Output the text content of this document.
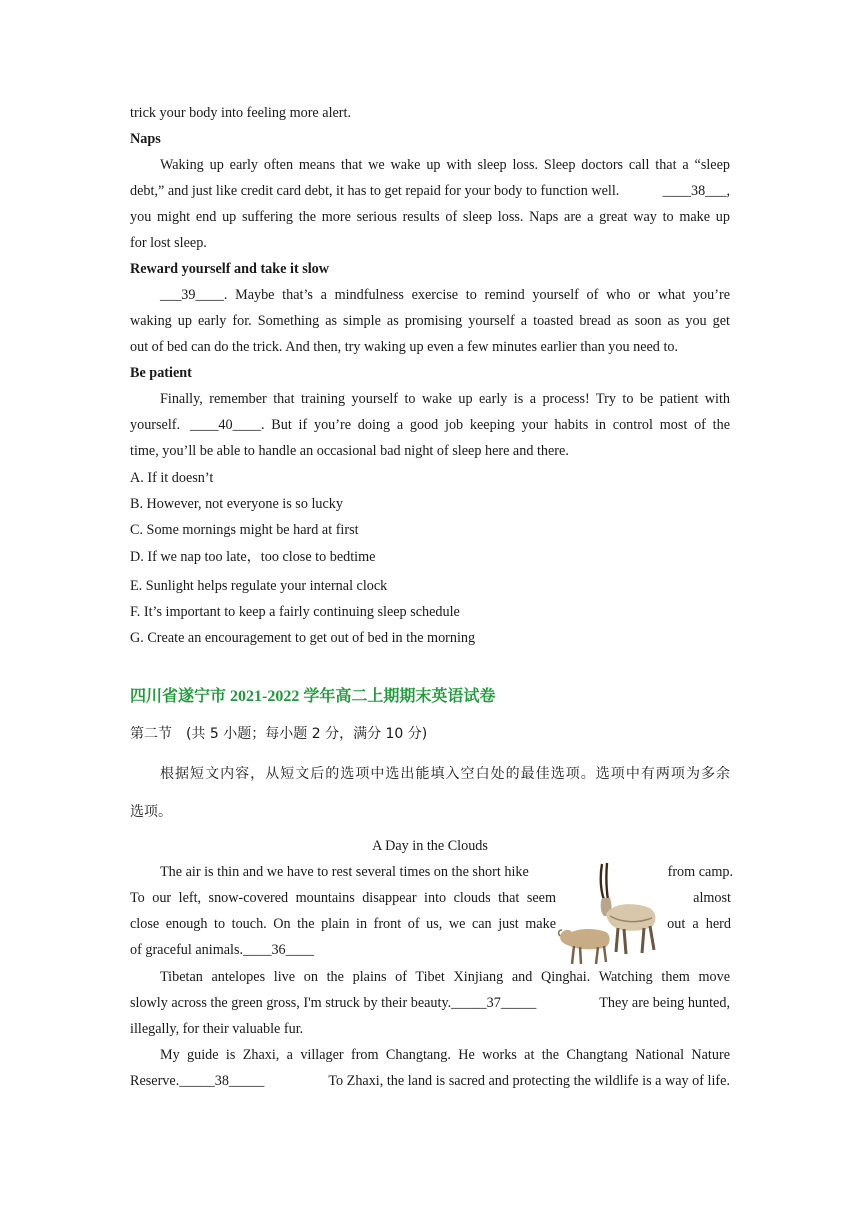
trick your body into feeling more alert.
Naps
Waking up early often means that we wake up with sleep loss. Sleep doctors call that a “sleep
debt,” and just like credit card debt, it has to get repaid for your body to function well.	____38___,
you might end up suffering the more serious results of sleep loss. Naps are a great way to make up
for lost sleep.
Reward yourself and take it slow
___39____ . Maybe that’s a mindfulness exercise to remind yourself of who or what you’re
waking up early for. Something as simple as promising yourself a toasted bread as soon as you get
out of bed can do the trick. And then, try waking up even a few minutes earlier than you need to.
Be patient
Finally, remember that training yourself to wake up early is a process! Try to be patient with
yourself. ____40____ . But if you’re doing a good job keeping your habits in control most of the
time, you’ll be able to handle an occasional bad night of sleep here and there.
A. If it doesn’t
B. However, not everyone is so lucky
C. Some mornings might be hard at first
D. If we nap too late，too close to bedtime
E. Sunlight helps regulate your internal clock
F. It’s important to keep a fairly continuing sleep schedule
G. Create an encouragement to get out of bed in the morning
四川省遂宁市 2021-2022 学年高二上期期末英语试卷
第二节　(共 5 小题；每小题 2 分，满分 10 分)
根据短文内容，从短文后的选项中选出能填入空白处的最佳选项。选项中有两项为多余
选项。
A Day in the Clouds
The air is thin and we have to rest several times on the short hike	from camp.
To our left, snow-covered mountains disappear into clouds that seem	almost
close enough to touch. On the plain in front of us, we can just make	out  a  herd
of graceful animals. ____36____
Tibetan antelopes live on the plains of Tibet Xinjiang and Qinghai. Watching them move
slowly across the green gross, I'm struck by their beauty. _____37_____	They are being hunted,
illegally, for their valuable fur.
My guide is Zhaxi, a villager from Changtang. He works at the Changtang National Nature
Reserve. _____38_____	To Zhaxi, the land is sacred and protecting the wildlife is a way of life.
